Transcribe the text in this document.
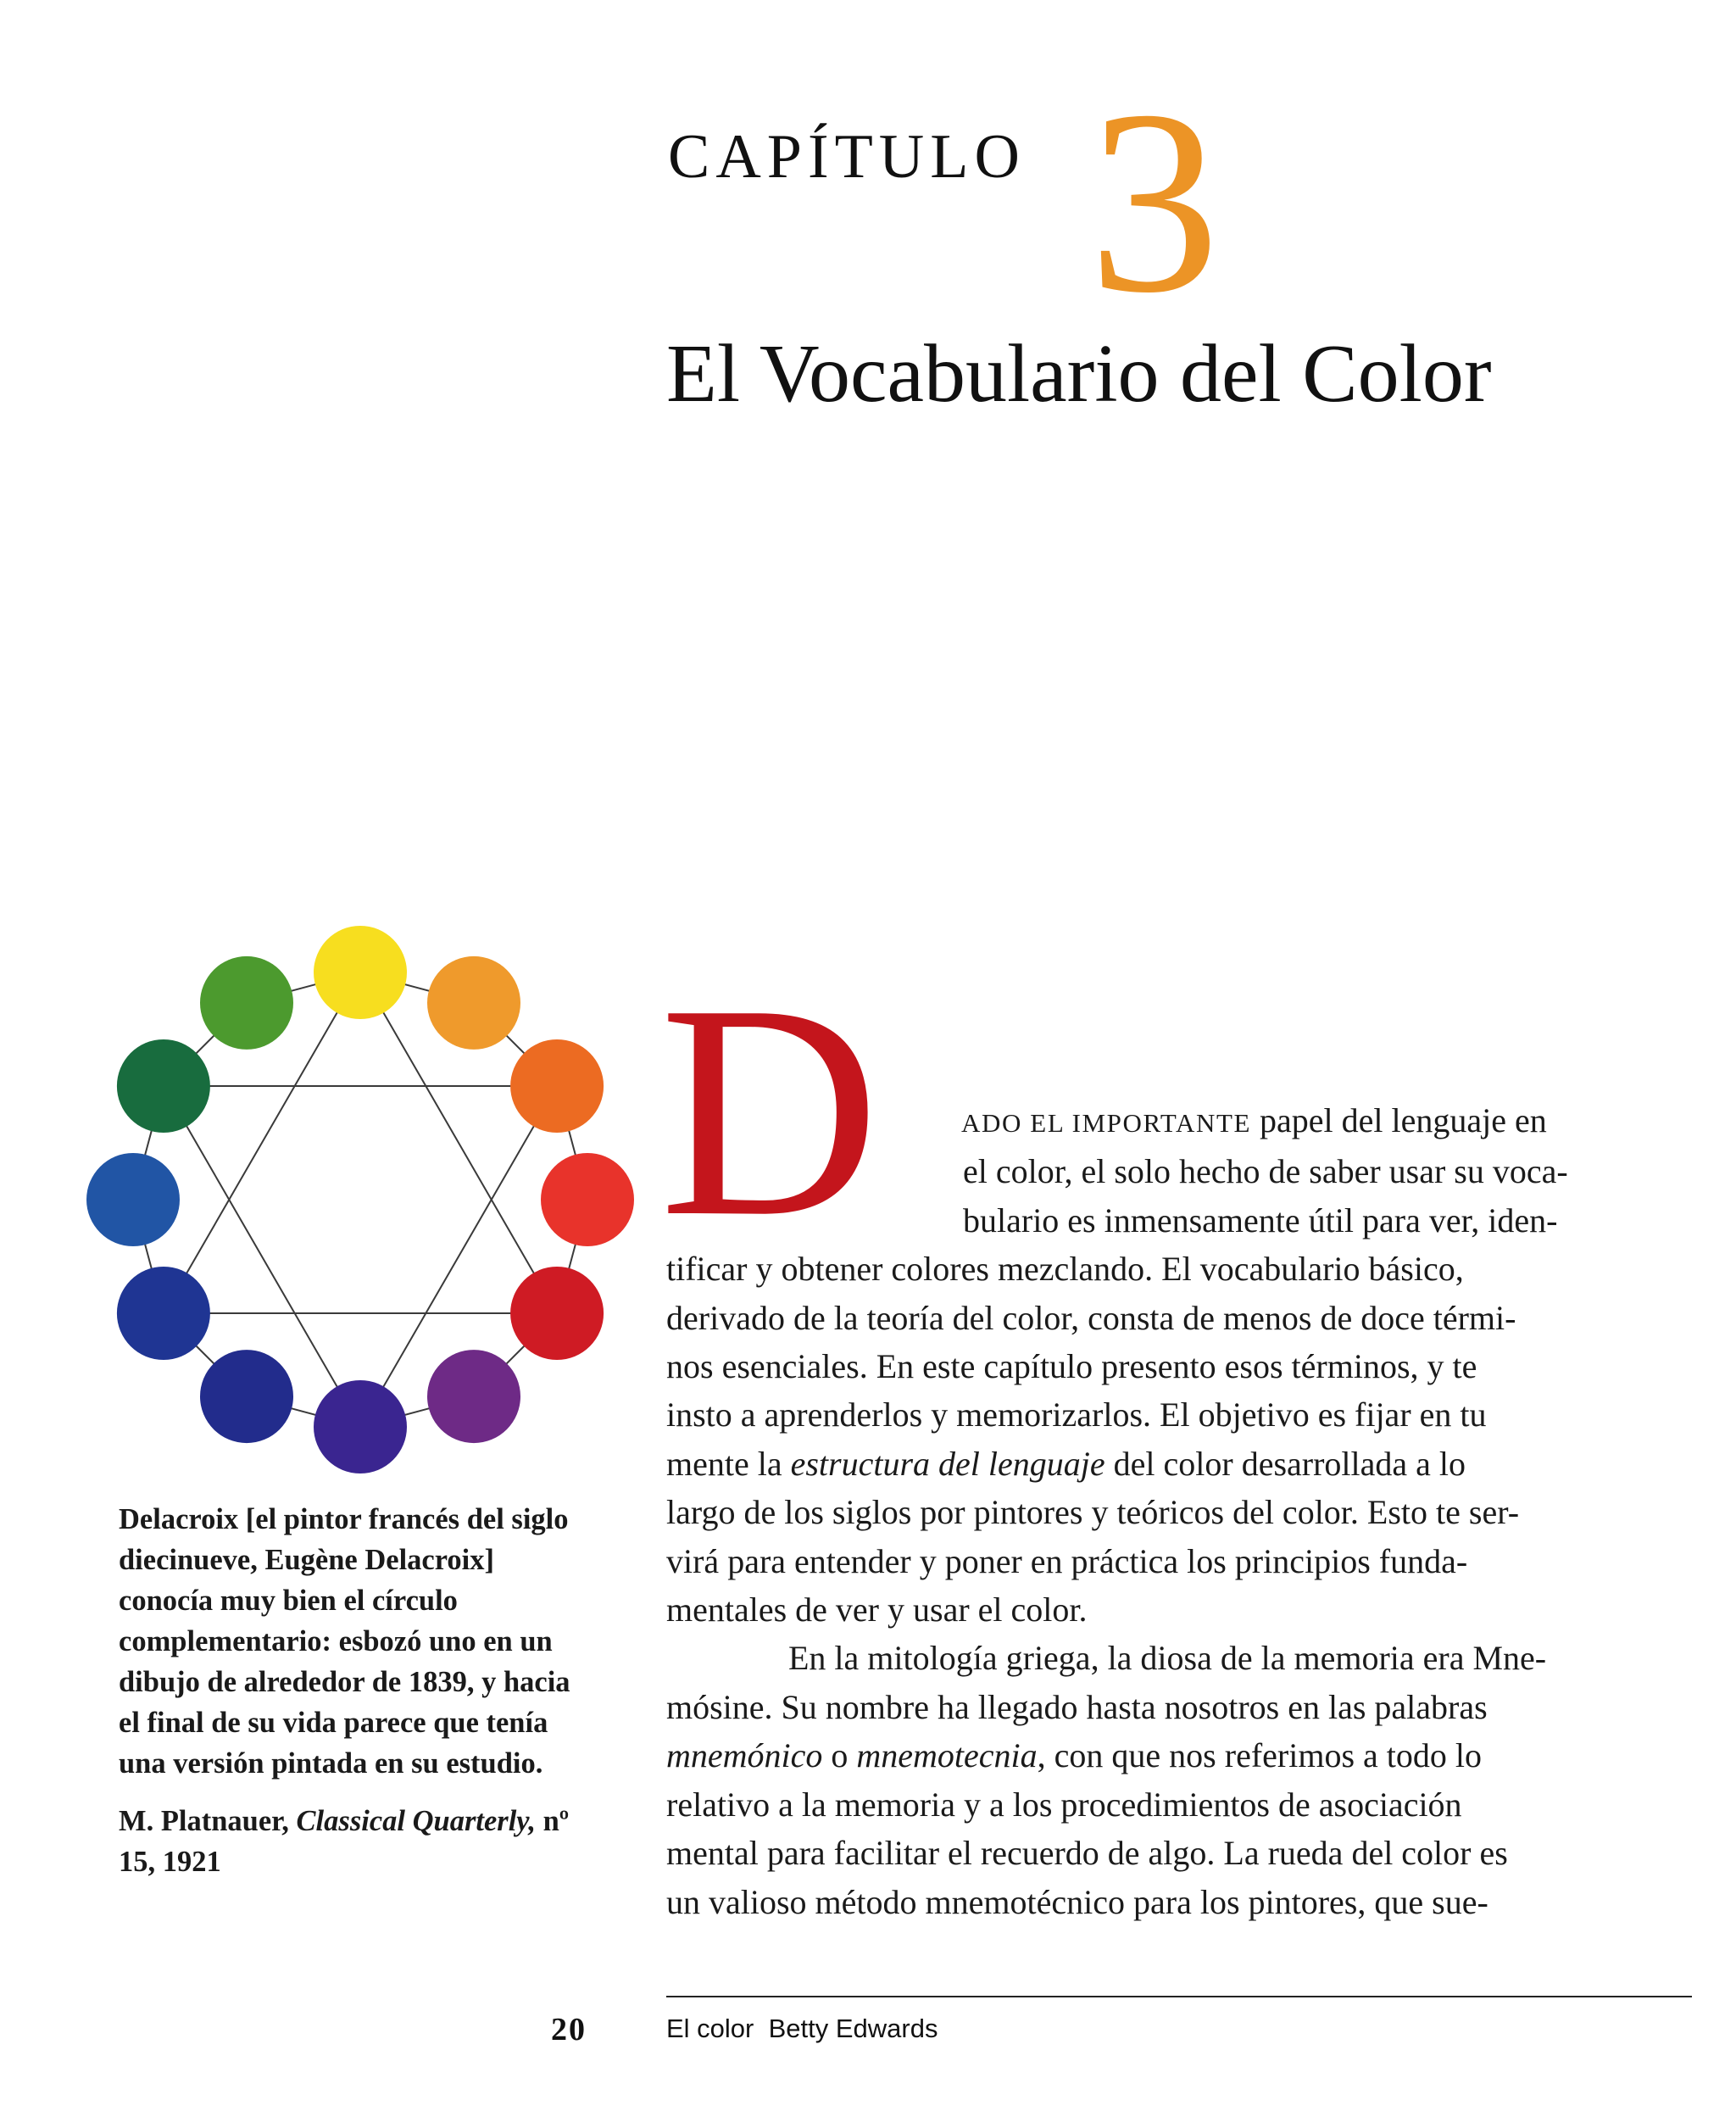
CAPÍTULO 3
El Vocabulario del Color

Delacroix [el pintor francés del siglo diecinueve, Eugène Delacroix] conocía muy bien el círculo complementario: esbozó uno en un dibujo de alrededor de 1839, y hacia el final de su vida parece que tenía una versión pintada en su estudio.

M. Platnauer, Classical Quarterly, nº 15, 1921

D	ADO EL IMPORTANTE papel del lenguaje en
el color, el solo hecho de saber usar su voca-
bulario es inmensamente útil para ver, iden-
tificar y obtener colores mezclando. El vocabulario básico,
derivado de la teoría del color, consta de menos de doce térmi-
nos esenciales. En este capítulo presento esos términos, y te
insto a aprenderlos y memorizarlos. El objetivo es fijar en tu
mente la estructura del lenguaje del color desarrollada a lo
largo de los siglos por pintores y teóricos del color. Esto te ser-
virá para entender y poner en práctica los principios funda-
mentales de ver y usar el color.
En la mitología griega, la diosa de la memoria era Mne-
mósine. Su nombre ha llegado hasta nosotros en las palabras
mnemónico o mnemotecnia, con que nos referimos a todo lo
relativo a la memoria y a los procedimientos de asociación
mental para facilitar el recuerdo de algo. La rueda del color es
un valioso método mnemotécnico para los pintores, que sue-
20	El color Betty Edwards
